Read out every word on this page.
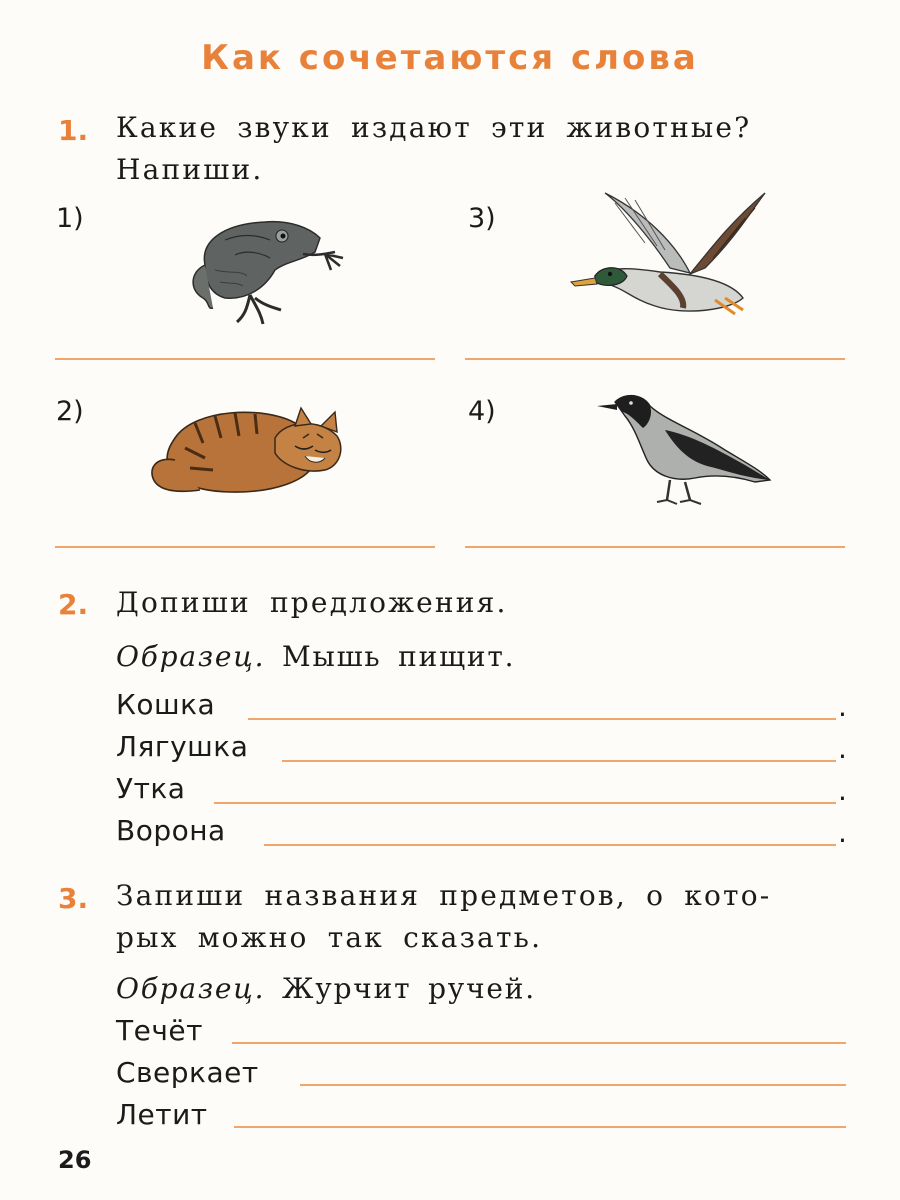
Как сочетаются слова
1. Какие звуки издают эти животные?
Напиши.
1)
2)
3)
4)
2. Допиши предложения.
Образец. Мышь пищит.
Кошка	.
Лягушка	.
Утка	.
Ворона	.
3. Запиши названия предметов, о кото-
рых можно так сказать.
Образец. Журчит ручей.
Течёт
Сверкает
Летит
26
